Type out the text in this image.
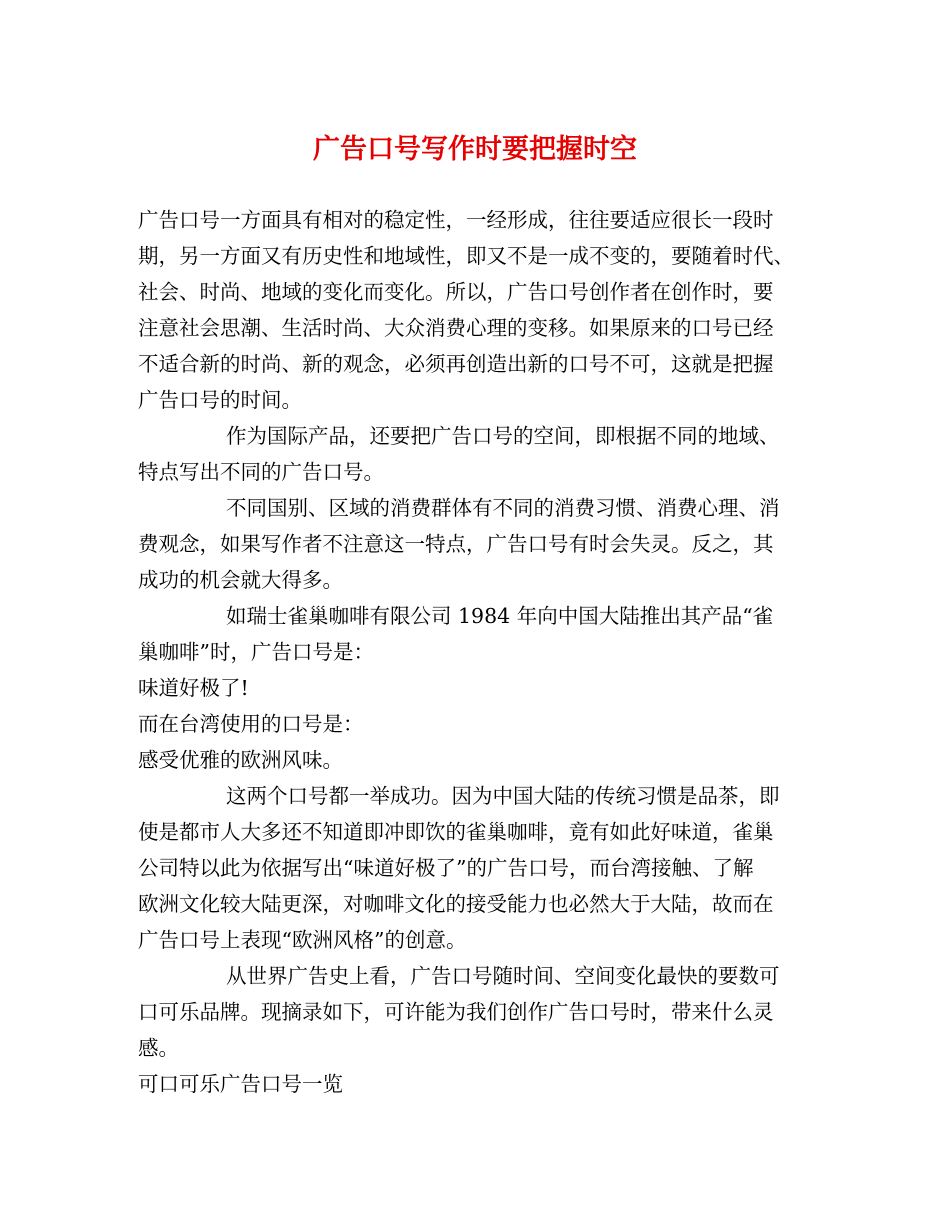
广告口号写作时要把握时空
广告口号一方面具有相对的稳定性，一经形成，往往要适应很长一段时
期，另一方面又有历史性和地域性，即又不是一成不变的，要随着时代、
社会、时尚、地域的变化而变化。所以，广告口号创作者在创作时，要
注意社会思潮、生活时尚、大众消费心理的变移。如果原来的口号已经
不适合新的时尚、新的观念，必须再创造出新的口号不可，这就是把握
广告口号的时间。
作为国际产品，还要把广告口号的空间，即根据不同的地域、
特点写出不同的广告口号。
不同国别、区域的消费群体有不同的消费习惯、消费心理、消
费观念，如果写作者不注意这一特点，广告口号有时会失灵。反之，其
成功的机会就大得多。
如瑞士雀巢咖啡有限公司 1984 年向中国大陆推出其产品“雀
巢咖啡”时，广告口号是：
味道好极了!
而在台湾使用的口号是：
感受优雅的欧洲风味。
这两个口号都一举成功。因为中国大陆的传统习惯是品茶，即
使是都市人大多还不知道即冲即饮的雀巢咖啡，竟有如此好味道，雀巢
公司特以此为依据写出“味道好极了”的广告口号，而台湾接触、了解
欧洲文化较大陆更深，对咖啡文化的接受能力也必然大于大陆，故而在
广告口号上表现“欧洲风格”的创意。
从世界广告史上看，广告口号随时间、空间变化最快的要数可
口可乐品牌。现摘录如下，可许能为我们创作广告口号时，带来什么灵
感。
可口可乐广告口号一览
